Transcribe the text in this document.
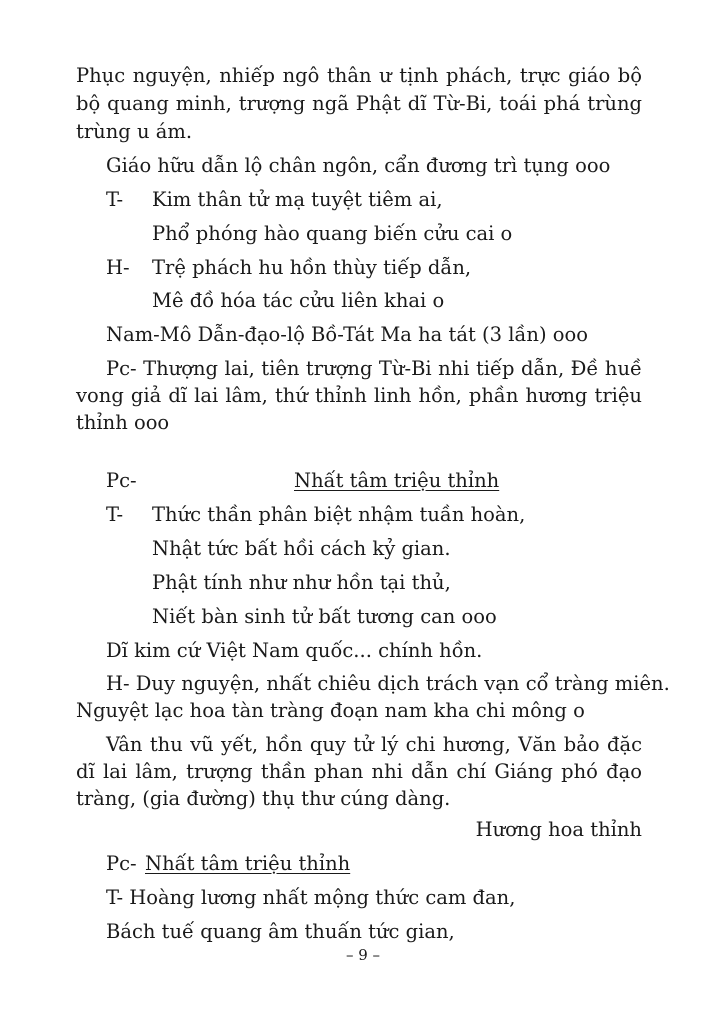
Phục nguyện, nhiếp ngô thân ư tịnh phách, trực giáo bộ
bộ quang minh, trượng ngã Phật dĩ Từ-Bi, toái phá trùng
trùng u ám.
Giáo hữu dẫn lộ chân ngôn, cẩn đương trì tụng ooo
T- Kim thân tử mạ tuyệt tiêm ai,
Phổ phóng hào quang biến cửu cai o
H- Trệ phách hu hồn thùy tiếp dẫn,
Mê đồ hóa tác cửu liên khai o
Nam-Mô Dẫn-đạo-lộ Bồ-Tát Ma ha tát (3 lần) ooo
Pc- Thượng lai, tiên trượng Từ-Bi nhi tiếp dẫn, Đề huề
vong giả dĩ lai lâm, thứ thỉnh linh hồn, phần hương triệu
thỉnh ooo
Pc-	Nhất tâm triệu thỉnh
T- Thức thần phân biệt nhậm tuần hoàn,
Nhật tức bất hồi cách kỷ gian.
Phật tính như như hồn tại thủ,
Niết bàn sinh tử bất tương can ooo
Dĩ kim cứ Việt Nam quốc... chính hồn.
H- Duy nguyện, nhất chiêu dịch trách vạn cổ tràng miên.
Nguyệt lạc hoa tàn tràng đoạn nam kha chi mông o
Vân thu vũ yết, hồn quy tử lý chi hương, Văn bảo đặc
dĩ lai lâm, trượng thần phan nhi dẫn chí Giáng phó đạo
tràng, (gia đường) thụ thư cúng dàng.
Hương hoa thỉnh
Pc- Nhất tâm triệu thỉnh
T- Hoàng lương nhất mộng thức cam đan,
Bách tuế quang âm thuấn tức gian,
– 9 –
